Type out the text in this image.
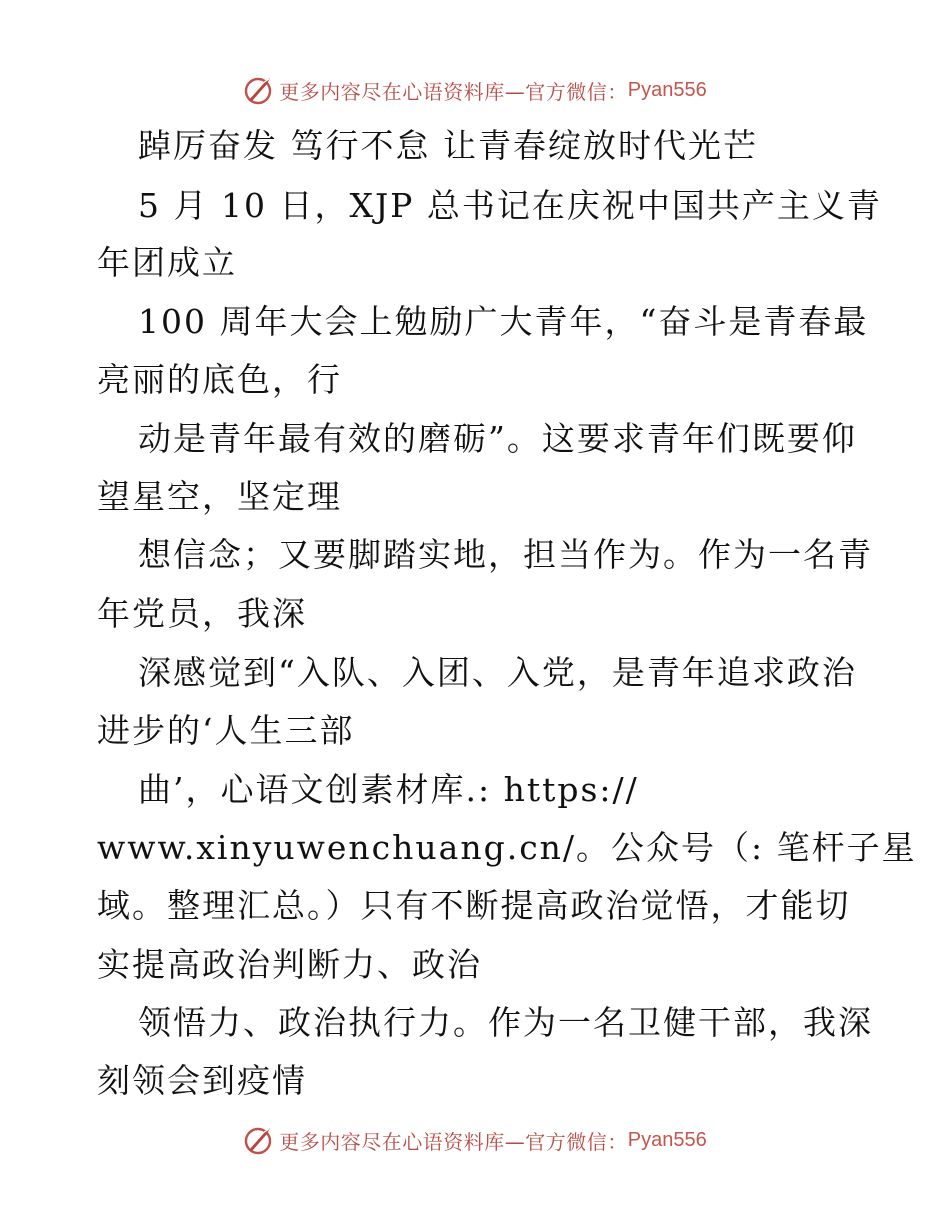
更多内容尽在心语资料库—官方微信： Pyan556
踔厉奋发 笃行不怠 让青春绽放时代光芒
5 月 10 日，XJP 总书记在庆祝中国共产主义青
年团成立
100 周年大会上勉励广大青年，“奋斗是青春最
亮丽的底色，行
动是青年最有效的磨砺”。这要求青年们既要仰
望星空，坚定理
想信念；又要脚踏实地，担当作为。作为一名青
年党员，我深
深感觉到“入队、入团、入党，是青年追求政治
进步的‘人生三部
曲’，心语文创素材库.: https://
www.xinyuwenchuang.cn/。公众号（: 笔杆子星
域。整理汇总。）只有不断提高政治觉悟，才能切
实提高政治判断力、政治
领悟力、政治执行力。作为一名卫健干部，我深
刻领会到疫情
更多内容尽在心语资料库—官方微信： Pyan556
